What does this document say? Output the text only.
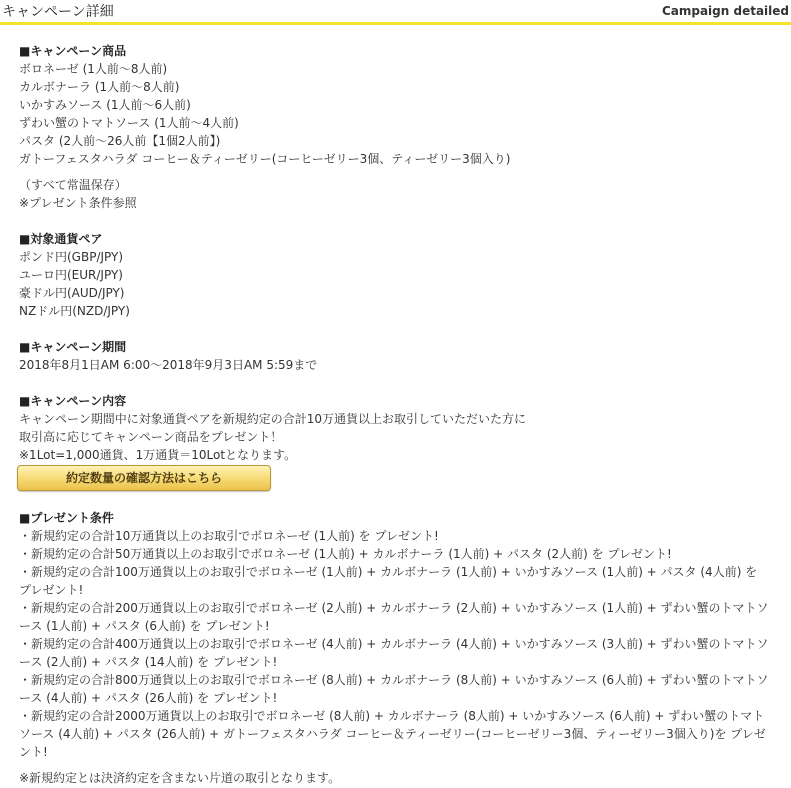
キャンペーン詳細	Campaign detailed
■キャンペーン商品
ボロネーゼ (1人前～8人前)
カルボナーラ (1人前～8人前)
いかすみソース (1人前～6人前)
ずわい蟹のトマトソース (1人前～4人前)
パスタ (2人前～26人前【1個2人前】)
ガトーフェスタハラダ コーヒー＆ティーゼリー(コーヒーゼリー3個、ティーゼリー3個入り)
（すべて常温保存）
※プレゼント条件参照
■対象通貨ペア
ポンド円(GBP/JPY)
ユーロ円(EUR/JPY)
豪ドル円(AUD/JPY)
NZドル円(NZD/JPY)
■キャンペーン期間
2018年8月1日AM 6:00～2018年9月3日AM 5:59まで
■キャンペーン内容
キャンペーン期間中に対象通貨ペアを新規約定の合計10万通貨以上お取引していただいた方に
取引高に応じてキャンペーン商品をプレゼント！
※1Lot=1,000通貨、1万通貨＝10Lotとなります。
約定数量の確認方法はこちら
■プレゼント条件
・新規約定の合計10万通貨以上のお取引でボロネーゼ (1人前) を プレゼント!
・新規約定の合計50万通貨以上のお取引でボロネーゼ (1人前) + カルボナーラ (1人前) + パスタ (2人前) を プレゼント!
・新規約定の合計100万通貨以上のお取引でボロネーゼ (1人前) + カルボナーラ (1人前) + いかすみソース (1人前) + パスタ (4人前) を プレゼント!
・新規約定の合計200万通貨以上のお取引でボロネーゼ (2人前) + カルボナーラ (2人前) + いかすみソース (1人前) + ずわい蟹のトマトソース (1人前) + パスタ (6人前) を プレゼント!
・新規約定の合計400万通貨以上のお取引でボロネーゼ (4人前) + カルボナーラ (4人前) + いかすみソース (3人前) + ずわい蟹のトマトソース (2人前) + パスタ (14人前) を プレゼント!
・新規約定の合計800万通貨以上のお取引でボロネーゼ (8人前) + カルボナーラ (8人前) + いかすみソース (6人前) + ずわい蟹のトマトソース (4人前) + パスタ (26人前) を プレゼント!
・新規約定の合計2000万通貨以上のお取引でボロネーゼ (8人前) + カルボナーラ (8人前) + いかすみソース (6人前) + ずわい蟹のトマトソース (4人前) + パスタ (26人前) + ガトーフェスタハラダ コーヒー＆ティーゼリー(コーヒーゼリー3個、ティーゼリー3個入り)を プレゼント!
※新規約定とは決済約定を含まない片道の取引となります。
